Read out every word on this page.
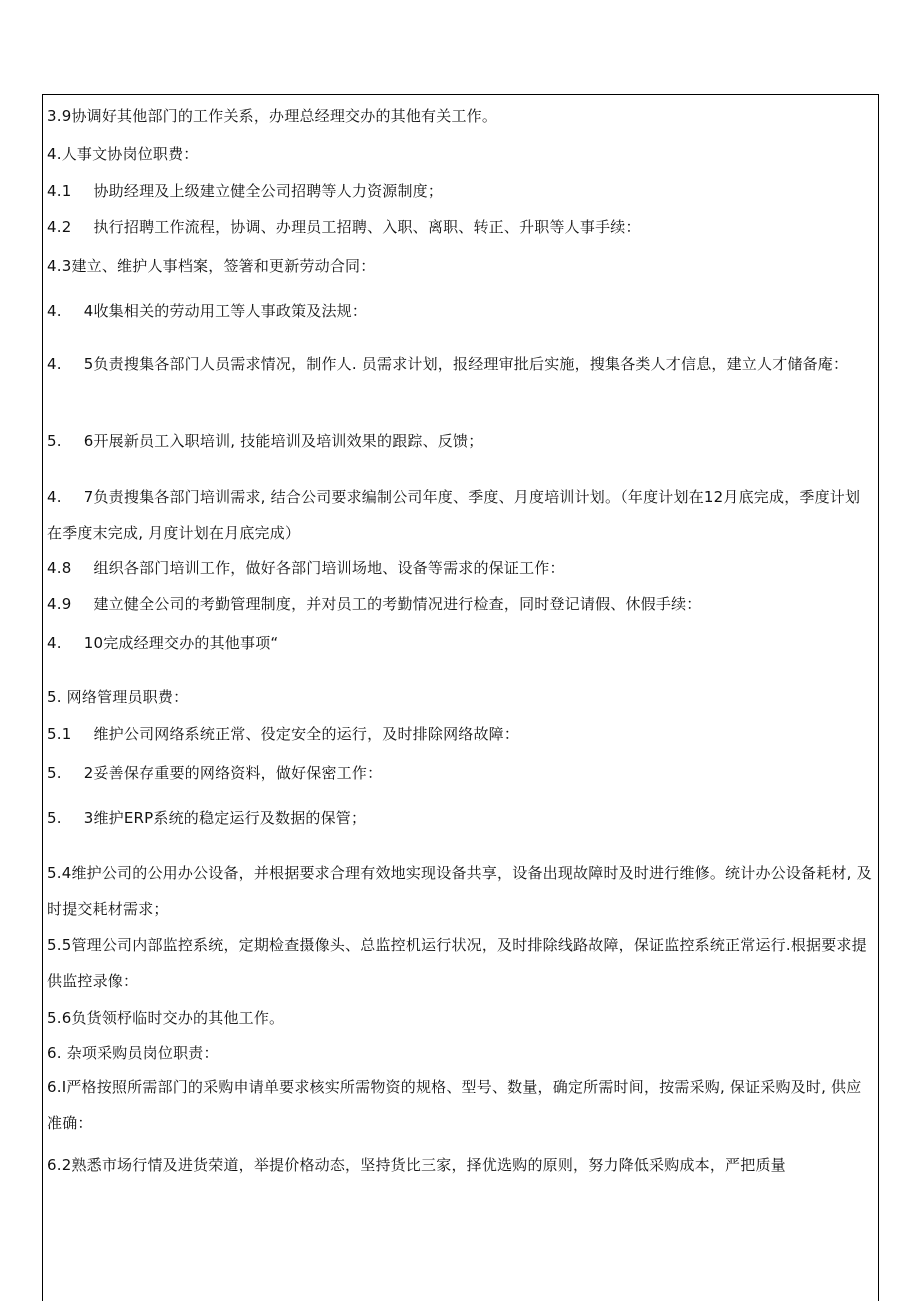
3.9协调好其他部门的工作关系，办理总经理交办的其他有关工作。
4.人事文协岗位职费：
4.1 协助经理及上级建立健全公司招聘等人力资源制度；
4.2 执行招聘工作流程，协调、办理员工招聘、入职、离职、转正、升职等人事手续：
4.3建立、维护人事档案，签箸和更新劳动合同：
4. 4收集相关的劳动用工等人事政策及法规：
4. 5负责搜集各部门人员需求情况，制作人. 员需求计划，报经理审批后实施，搜集各类人才信息，建立人才储备庵：
5. 6开展新员工入职培训, 技能培训及培训效果的跟踪、反馈；
4. 7负责搜集各部门培训需求, 结合公司要求编制公司年度、季度、月度培训计划。（年度计划在12月底完成，季度计划在季度末完成, 月度计划在月底完成）
4.8 组织各部门培训工作，做好各部门培训场地、设备等需求的保证工作：
4.9 建立健全公司的考勤管理制度，并对员工的考勤情况进行检查，同时登记请假、休假手续：
4. 10完成经理交办的其他事项“
5. 网络管理员职费：
5.1 维护公司网络系统正常、役定安全的运行，及时排除网络故障：
5. 2妥善保存重要的网络资料，做好保密工作：
5. 3维护ERP系统的稳定运行及数据的保管；
5.4维护公司的公用办公设备，并根据要求合理有效地实现设备共享，设备出现故障时及时进行维修。统计办公设备耗材, 及时提交耗材需求；
5.5管理公司内部监控系统，定期检查摄像头、总监控机运行状况，及时排除线路故障，保证监控系统正常运行.根据要求提供监控录像：
5.6负货领杼临时交办的其他工作。
6. 杂项采购员岗位职责：
6.I严格按照所需部门的采购申请单要求核实所需物资的规格、型号、数量，确定所需时间，按需采购, 保证采购及时, 供应准确：
6.2熟悉市场行情及进货荣道，举提价格动态，坚持货比三家，择优选购的原则，努力降低采购成本，严把质量
